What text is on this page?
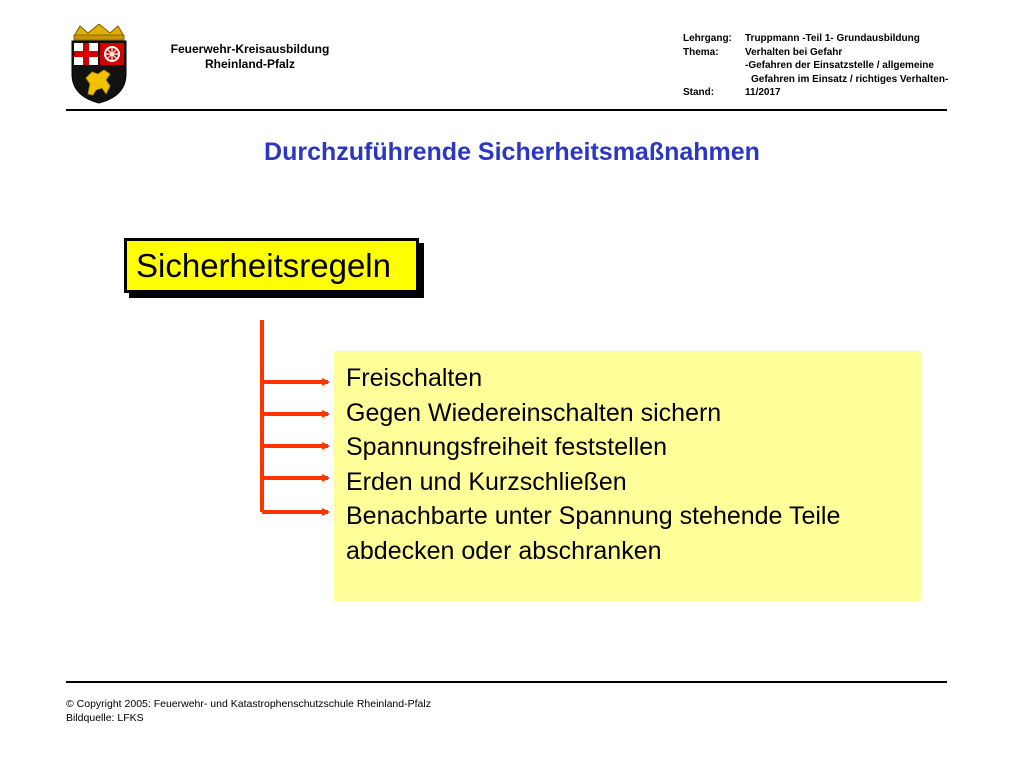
Feuerwehr-Kreisausbildung
Rheinland-Pfalz
Lehrgang:	Truppmann -Teil 1- Grundausbildung
Thema:	Verhalten bei Gefahr
-Gefahren der Einsatzstelle / allgemeine
Gefahren im Einsatz / richtiges Verhalten-
Stand:	11/2017
Durchzuführende Sicherheitsmaßnahmen
Sicherheitsregeln
Freischalten
Gegen Wiedereinschalten sichern
Spannungsfreiheit feststellen
Erden und Kurzschließen
Benachbarte unter Spannung stehende Teile
abdecken oder abschranken
© Copyright 2005: Feuerwehr- und Katastrophenschutzschule Rheinland-Pfalz
Bildquelle: LFKS
